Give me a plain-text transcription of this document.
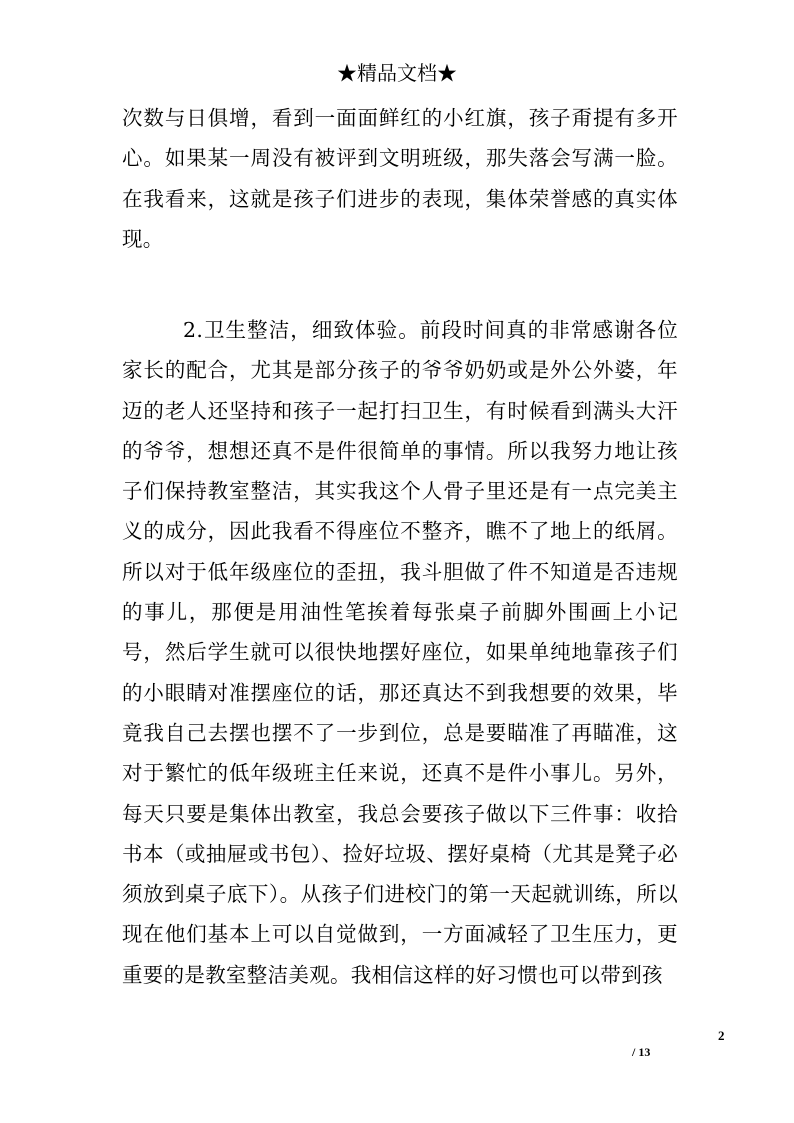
★精品文档★

次数与日俱增，看到一面面鲜红的小红旗，孩子甭提有多开心。如果某一周没有被评到文明班级，那失落会写满一脸。在我看来，这就是孩子们进步的表现，集体荣誉感的真实体现。

2.卫生整洁，细致体验。前段时间真的非常感谢各位家长的配合，尤其是部分孩子的爷爷奶奶或是外公外婆，年迈的老人还坚持和孩子一起打扫卫生，有时候看到满头大汗的爷爷，想想还真不是件很简单的事情。所以我努力地让孩子们保持教室整洁，其实我这个人骨子里还是有一点完美主义的成分，因此我看不得座位不整齐，瞧不了地上的纸屑。所以对于低年级座位的歪扭，我斗胆做了件不知道是否违规的事儿，那便是用油性笔挨着每张桌子前脚外围画上小记号，然后学生就可以很快地摆好座位，如果单纯地靠孩子们的小眼睛对准摆座位的话，那还真达不到我想要的效果，毕竟我自己去摆也摆不了一步到位，总是要瞄准了再瞄准，这对于繁忙的低年级班主任来说，还真不是件小事儿。另外，每天只要是集体出教室，我总会要孩子做以下三件事：收拾书本（或抽屉或书包）、捡好垃圾、摆好桌椅（尤其是凳子必须放到桌子底下）。从孩子们进校门的第一天起就训练，所以现在他们基本上可以自觉做到，一方面减轻了卫生压力，更重要的是教室整洁美观。我相信这样的好习惯也可以带到孩

2
/ 13
